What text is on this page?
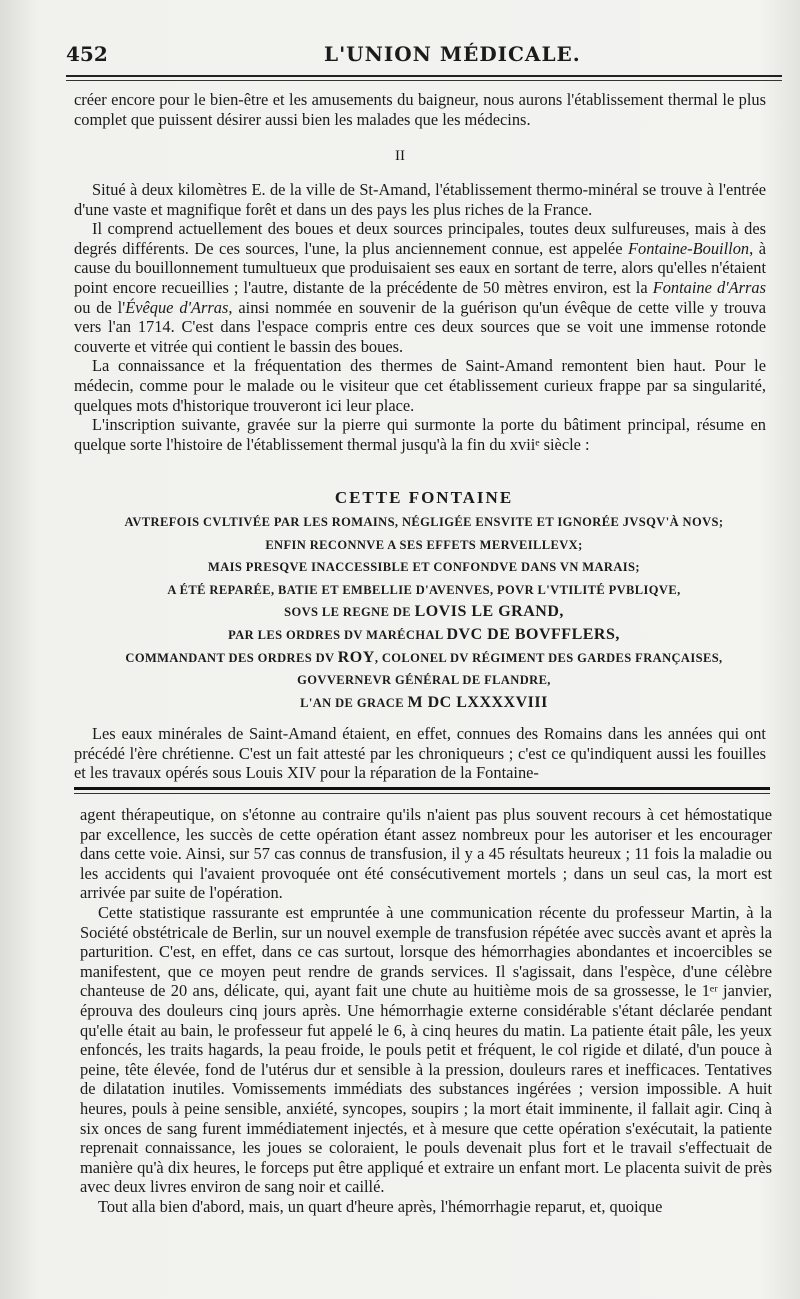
452	L'UNION MÉDICALE.

créer encore pour le bien-être et les amusements du baigneur, nous aurons l'établissement thermal le plus complet que puissent désirer aussi bien les malades que les médecins.

II

Situé à deux kilomètres E. de la ville de St-Amand, l'établissement thermo-minéral se trouve à l'entrée d'une vaste et magnifique forêt et dans un des pays les plus riches de la France.

Il comprend actuellement des boues et deux sources principales, toutes deux sulfureuses, mais à des degrés différents. De ces sources, l'une, la plus anciennement connue, est appelée Fontaine-Bouillon, à cause du bouillonnement tumultueux que produisaient ses eaux en sortant de terre, alors qu'elles n'étaient point encore recueillies ; l'autre, distante de la précédente de 50 mètres environ, est la Fontaine d'Arras ou de l'Évêque d'Arras, ainsi nommée en souvenir de la guérison qu'un évêque de cette ville y trouva vers l'an 1714. C'est dans l'espace compris entre ces deux sources que se voit une immense rotonde couverte et vitrée qui contient le bassin des boues.

La connaissance et la fréquentation des thermes de Saint-Amand remontent bien haut. Pour le médecin, comme pour le malade ou le visiteur que cet établissement curieux frappe par sa singularité, quelques mots d'historique trouveront ici leur place.

L'inscription suivante, gravée sur la pierre qui surmonte la porte du bâtiment principal, résume en quelque sorte l'histoire de l'établissement thermal jusqu'à la fin du xviiᵉ siècle :

CETTE FONTAINE
AVTREFOIS CVLTIVÉE PAR LES ROMAINS, NÉGLIGÉE ENSVITE ET IGNORÉE JVSQV'À NOVS;
ENFIN RECONNVE A SES EFFETS MERVEILLEVX;
MAIS PRESQVE INACCESSIBLE ET CONFONDVE DANS VN MARAIS;
A ÉTÉ REPARÉE, BATIE ET EMBELLIE D'AVENVES, POVR L'VTILITÉ PVBLIQVE,
SOVS LE REGNE DE LOVIS LE GRAND,
PAR LES ORDRES DV MARÉCHAL DVC DE BOVFFLERS,
COMMANDANT DES ORDRES DV ROY, COLONEL DV RÉGIMENT DES GARDES FRANÇAISES,
GOVVERNEVR GÉNÉRAL DE FLANDRE,
L'AN DE GRACE M DC LXXXXVIII

Les eaux minérales de Saint-Amand étaient, en effet, connues des Romains dans les années qui ont précédé l'ère chrétienne. C'est un fait attesté par les chroniqueurs ; c'est ce qu'indiquent aussi les fouilles et les travaux opérés sous Louis XIV pour la réparation de la Fontaine-

agent thérapeutique, on s'étonne au contraire qu'ils n'aient pas plus souvent recours à cet hémostatique par excellence, les succès de cette opération étant assez nombreux pour les autoriser et les encourager dans cette voie. Ainsi, sur 57 cas connus de transfusion, il y a 45 résultats heureux ; 11 fois la maladie ou les accidents qui l'avaient provoquée ont été consécutivement mortels ; dans un seul cas, la mort est arrivée par suite de l'opération.

Cette statistique rassurante est empruntée à une communication récente du professeur Martin, à la Société obstétricale de Berlin, sur un nouvel exemple de transfusion répétée avec succès avant et après la parturition. C'est, en effet, dans ce cas surtout, lorsque des hémorrhagies abondantes et incoercibles se manifestent, que ce moyen peut rendre de grands services. Il s'agissait, dans l'espèce, d'une célèbre chanteuse de 20 ans, délicate, qui, ayant fait une chute au huitième mois de sa grossesse, le 1ᵉʳ janvier, éprouva des douleurs cinq jours après. Une hémorrhagie externe considérable s'étant déclarée pendant qu'elle était au bain, le professeur fut appelé le 6, à cinq heures du matin. La patiente était pâle, les yeux enfoncés, les traits hagards, la peau froide, le pouls petit et fréquent, le col rigide et dilaté, d'un pouce à peine, tête élevée, fond de l'utérus dur et sensible à la pression, douleurs rares et inefficaces. Tentatives de dilatation inutiles. Vomissements immédiats des substances ingérées ; version impossible. A huit heures, pouls à peine sensible, anxiété, syncopes, soupirs ; la mort était imminente, il fallait agir. Cinq à six onces de sang furent immédiatement injectés, et à mesure que cette opération s'exécutait, la patiente reprenait connaissance, les joues se coloraient, le pouls devenait plus fort et le travail s'effectuait de manière qu'à dix heures, le forceps put être appliqué et extraire un enfant mort. Le placenta suivit de près avec deux livres environ de sang noir et caillé.

Tout alla bien d'abord, mais, un quart d'heure après, l'hémorrhagie reparut, et, quoique
